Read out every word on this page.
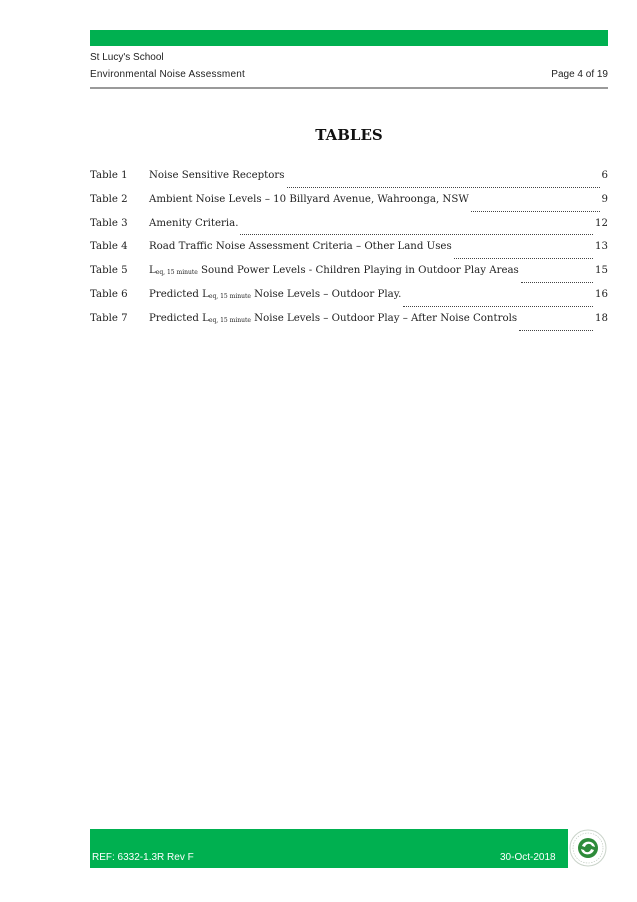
St Lucy's School
Environmental Noise Assessment	Page 4 of 19
TABLES
Table 1	Noise Sensitive Receptors	6
Table 2	Ambient Noise Levels – 10 Billyard Avenue, Wahroonga, NSW	9
Table 3	Amenity Criteria.	12
Table 4	Road Traffic Noise Assessment Criteria – Other Land Uses	13
Table 5	$L_{eq, 15 minute}$ Sound Power Levels - Children Playing in Outdoor Play Areas	15
Table 6	Predicted $L_{eq, 15 minute}$ Noise Levels – Outdoor Play.	16
Table 7	Predicted $L_{eq, 15 minute}$ Noise Levels – Outdoor Play – After Noise Controls	18
REF: 6332-1.3R Rev F	30-Oct-2018
